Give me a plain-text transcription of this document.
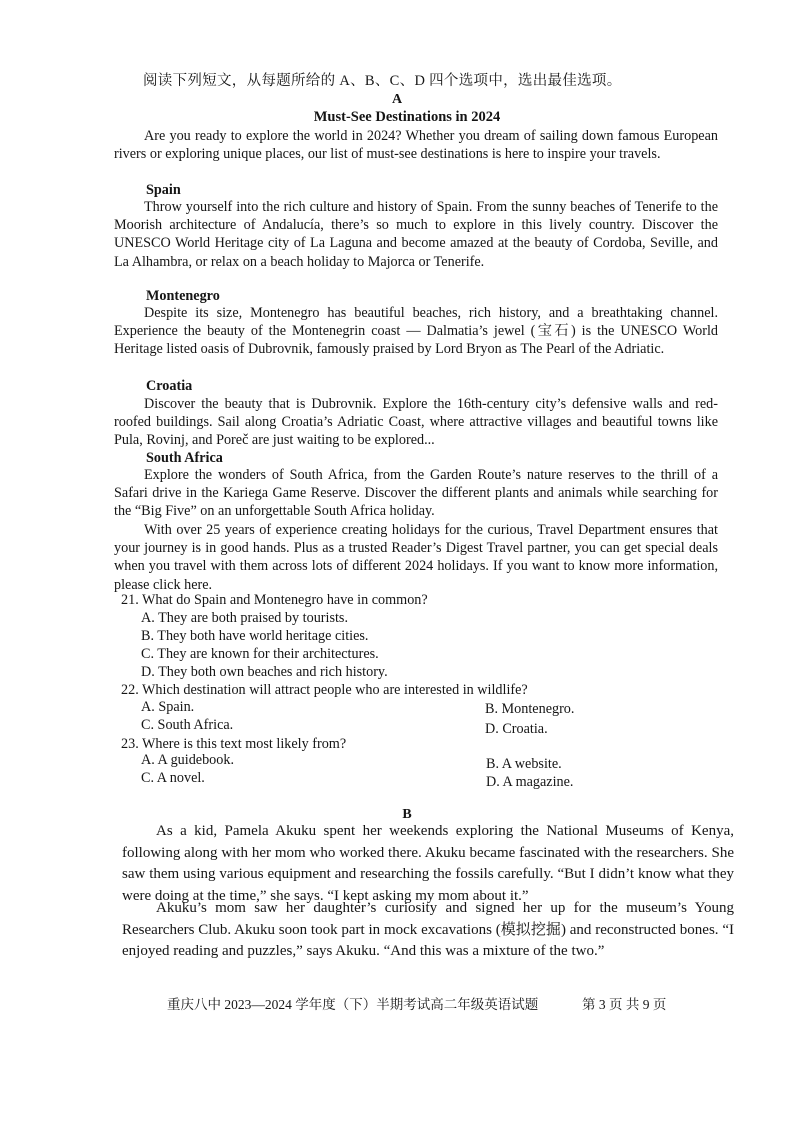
阅读下列短文，从每题所给的 A、B、C、D 四个选项中，选出最佳选项。
A
Must-See Destinations in 2024
Are you ready to explore the world in 2024? Whether you dream of sailing down famous European rivers or exploring unique places, our list of must-see destinations is here to inspire your travels.
Spain
Throw yourself into the rich culture and history of Spain. From the sunny beaches of Tenerife to the Moorish architecture of Andalucía, there’s so much to explore in this lively country. Discover the UNESCO World Heritage city of La Laguna and become amazed at the beauty of Cordoba, Seville, and La Alhambra, or relax on a beach holiday to Majorca or Tenerife.
Montenegro
Despite its size, Montenegro has beautiful beaches, rich history, and a breathtaking channel. Experience the beauty of the Montenegrin coast — Dalmatia’s jewel (宝石) is the UNESCO World Heritage listed oasis of Dubrovnik, famously praised by Lord Bryon as The Pearl of the Adriatic.
Croatia
Discover the beauty that is Dubrovnik. Explore the 16th-century city’s defensive walls and red-roofed buildings. Sail along Croatia’s Adriatic Coast, where attractive villages and beautiful towns like Pula, Rovinj, and Poreč are just waiting to be explored...
South Africa
Explore the wonders of South Africa, from the Garden Route’s nature reserves to the thrill of a Safari drive in the Kariega Game Reserve. Discover the different plants and animals while searching for the “Big Five” on an unforgettable South Africa holiday.
With over 25 years of experience creating holidays for the curious, Travel Department ensures that your journey is in good hands. Plus as a trusted Reader’s Digest Travel partner, you can get special deals when you travel with them across lots of different 2024 holidays. If you want to know more information, please click here.
21. What do Spain and Montenegro have in common?
A. They are both praised by tourists.
B. They both have world heritage cities.
C. They are known for their architectures.
D. They both own beaches and rich history.
22. Which destination will attract people who are interested in wildlife?
A. Spain.	B. Montenegro.
C. South Africa.	D. Croatia.
23. Where is this text most likely from?
A. A guidebook.	B. A website.
C. A novel.	D. A magazine.
B
As a kid, Pamela Akuku spent her weekends exploring the National Museums of Kenya, following along with her mom who worked there. Akuku became fascinated with the researchers. She saw them using various equipment and researching the fossils carefully. “But I didn’t know what they were doing at the time,” she says. “I kept asking my mom about it.”
Akuku’s mom saw her daughter’s curiosity and signed her up for the museum’s Young Researchers Club. Akuku soon took part in mock excavations (模拟挖掘) and reconstructed bones. “I enjoyed reading and puzzles,” says Akuku. “And this was a mixture of the two.”
重庆八中 2023—2024 学年度（下）半期考试高二年级英语试题	第 3 页 共 9 页
